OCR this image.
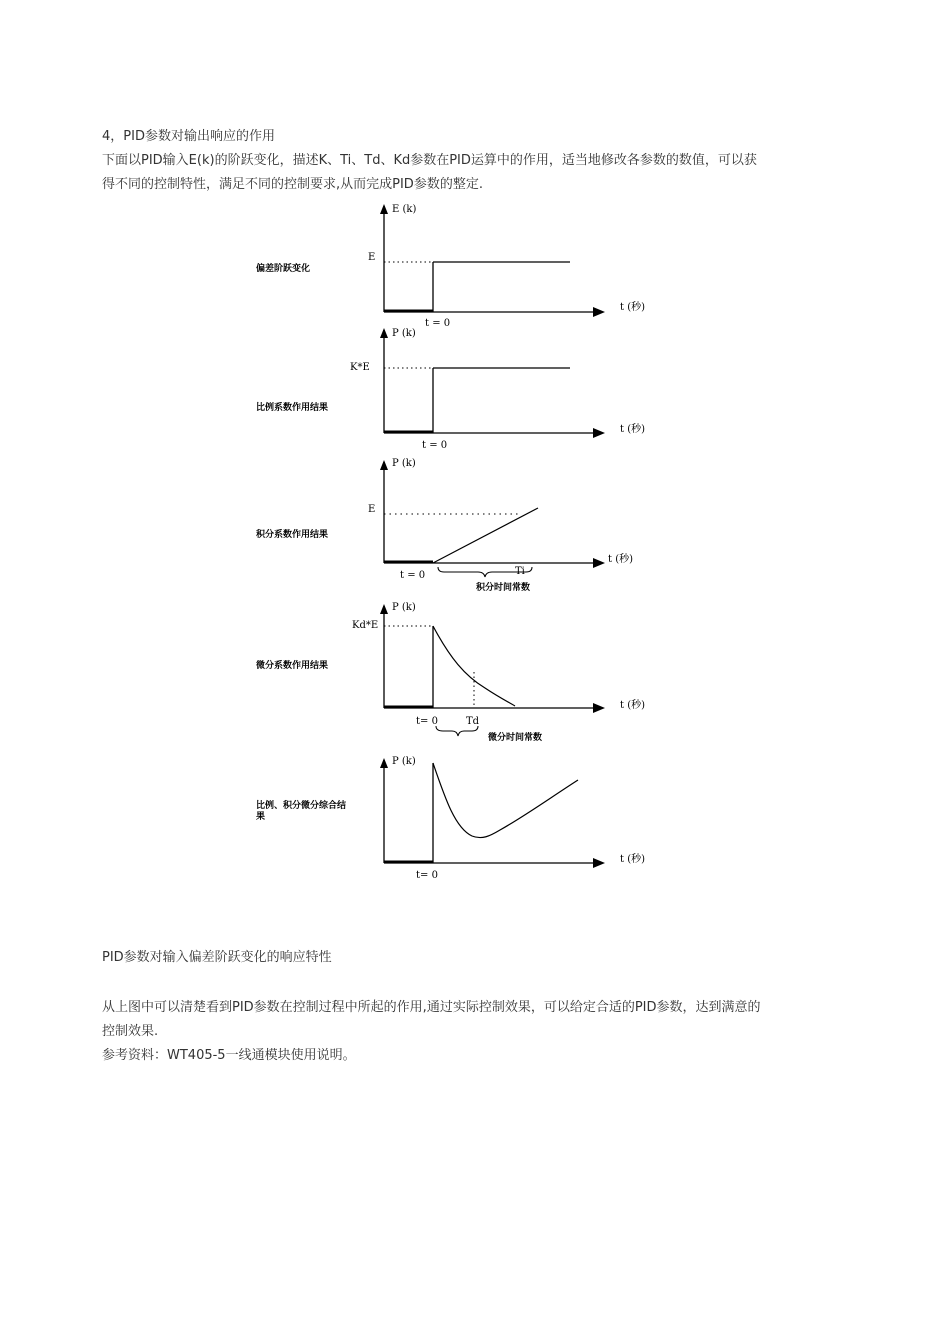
4，PID参数对输出响应的作用
下面以PID输入E(k)的阶跃变化，描述K、Ti、Td、Kd参数在PID运算中的作用，适当地修改各参数的数值，可以获
得不同的控制特性，满足不同的控制要求,从而完成PID参数的整定.
E (k)
E
t = 0
t (秒)
偏差阶跃变化
P (k)
K*E
t = 0
t (秒)
比例系数作用结果
P (k)
E
t = 0	Ti
积分时间常数
t (秒)
积分系数作用结果
P (k)
Kd*E
t= 0	Td
微分时间常数
t (秒)
微分系数作用结果
P (k)
t= 0
t (秒)
比例、积分微分综合结
果
PID参数对输入偏差阶跃变化的响应特性
从上图中可以清楚看到PID参数在控制过程中所起的作用,通过实际控制效果，可以给定合适的PID参数，达到满意的
控制效果.
参考资料：WT405-5一线通模块使用说明。
